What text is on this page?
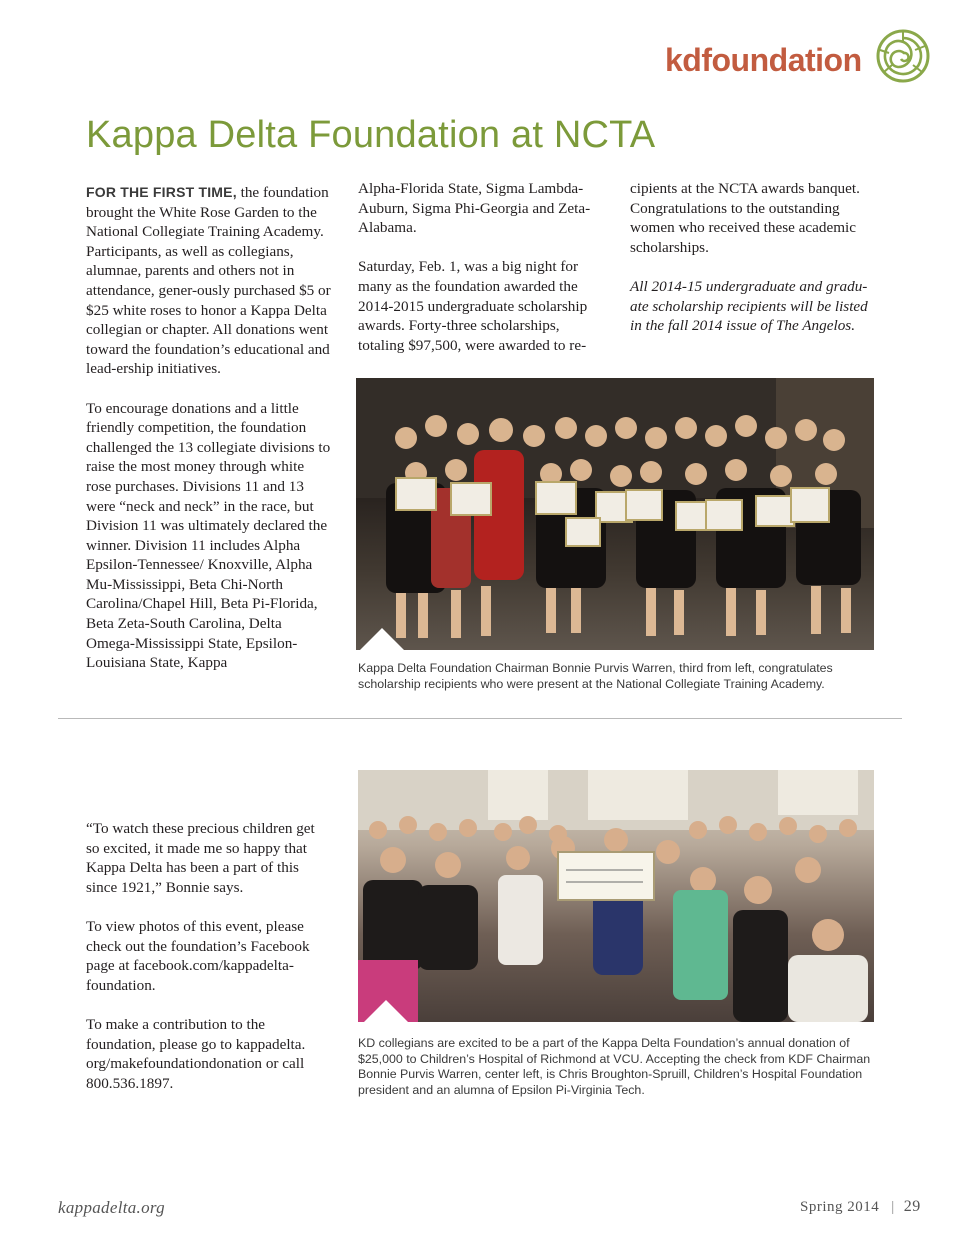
kdfoundation
Kappa Delta Foundation at NCTA

FOR THE FIRST TIME, the foundation brought the White Rose Garden to the National Collegiate Training Academy. Participants, as well as collegians, alumnae, parents and others not in attendance, gener-ously purchased $5 or $25 white roses to honor a Kappa Delta collegian or chapter. All donations went toward the foundation’s educational and lead-ership initiatives.

To encourage donations and a little friendly competition, the foundation challenged the 13 collegiate divisions to raise the most money through white rose purchases. Divisions 11 and 13 were “neck and neck” in the race, but Division 11 was ultimately declared the winner. Division 11 includes Alpha Epsilon-Tennessee/ Knoxville, Alpha Mu-Mississippi, Beta Chi-North Carolina/Chapel Hill, Beta Pi-Florida, Beta Zeta-South Carolina, Delta Omega-Mississippi State, Epsilon-Louisiana State, Kappa

Alpha-Florida State, Sigma Lambda-Auburn, Sigma Phi-Georgia and Zeta-Alabama.

Saturday, Feb. 1, was a big night for many as the foundation awarded the 2014-2015 undergraduate scholarship awards. Forty-three scholarships, totaling $97,500, were awarded to re-

cipients at the NCTA awards banquet. Congratulations to the outstanding women who received these academic scholarships.

All 2014-15 undergraduate and gradu-ate scholarship recipients will be listed in the fall 2014 issue of The Angelos.

Kappa Delta Foundation Chairman Bonnie Purvis Warren, third from left, congratulates scholarship recipients who were present at the National Collegiate Training Academy.

“To watch these precious children get so excited, it made me so happy that Kappa Delta has been a part of this since 1921,” Bonnie says.

To view photos of this event, please check out the foundation’s Facebook page at facebook.com/kappadelta-foundation.

To make a contribution to the foundation, please go to kappadelta. org/makefoundationdonation or call 800.536.1897.

KD collegians are excited to be a part of the Kappa Delta Foundation’s annual donation of $25,000 to Children’s Hospital of Richmond at VCU. Accepting the check from KDF Chairman Bonnie Purvis Warren, center left, is Chris Broughton-Spruill, Children’s Hospital Foundation president and an alumna of Epsilon Pi-Virginia Tech.

kappadelta.org	Spring 2014 | 29
